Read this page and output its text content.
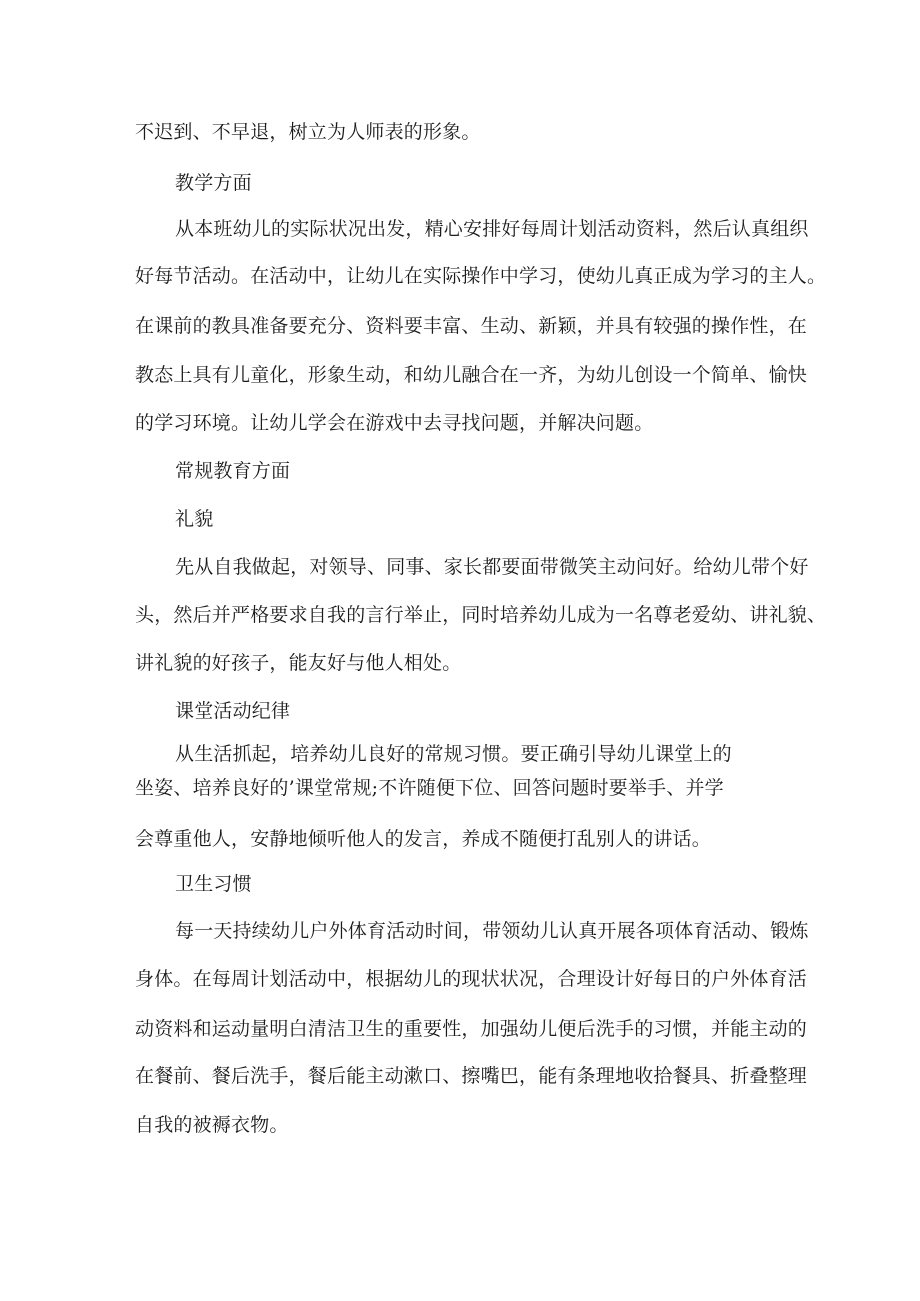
不迟到、不早退，树立为人师表的形象。
教学方面
从本班幼儿的实际状况出发，精心安排好每周计划活动资料，然后认真组织
好每节活动。在活动中，让幼儿在实际操作中学习，使幼儿真正成为学习的主人。
在课前的教具准备要充分、资料要丰富、生动、新颖，并具有较强的操作性，在
教态上具有儿童化，形象生动，和幼儿融合在一齐，为幼儿创设一个简单、愉快
的学习环境。让幼儿学会在游戏中去寻找问题，并解决问题。
常规教育方面
礼貌
先从自我做起，对领导、同事、家长都要面带微笑主动问好。给幼儿带个好
头，然后并严格要求自我的言行举止，同时培养幼儿成为一名尊老爱幼、讲礼貌、
讲礼貌的好孩子，能友好与他人相处。
课堂活动纪律
从生活抓起，培养幼儿良好的常规习惯。要正确引导幼儿课堂上的
坐姿、培养良好的’课堂常规;不许随便下位、回答问题时要举手、并学
会尊重他人，安静地倾听他人的发言，养成不随便打乱别人的讲话。
卫生习惯
每一天持续幼儿户外体育活动时间，带领幼儿认真开展各项体育活动、锻炼
身体。在每周计划活动中，根据幼儿的现状状况，合理设计好每日的户外体育活
动资料和运动量明白清洁卫生的重要性，加强幼儿便后洗手的习惯，并能主动的
在餐前、餐后洗手，餐后能主动漱口、擦嘴巴，能有条理地收拾餐具、折叠整理
自我的被褥衣物。
